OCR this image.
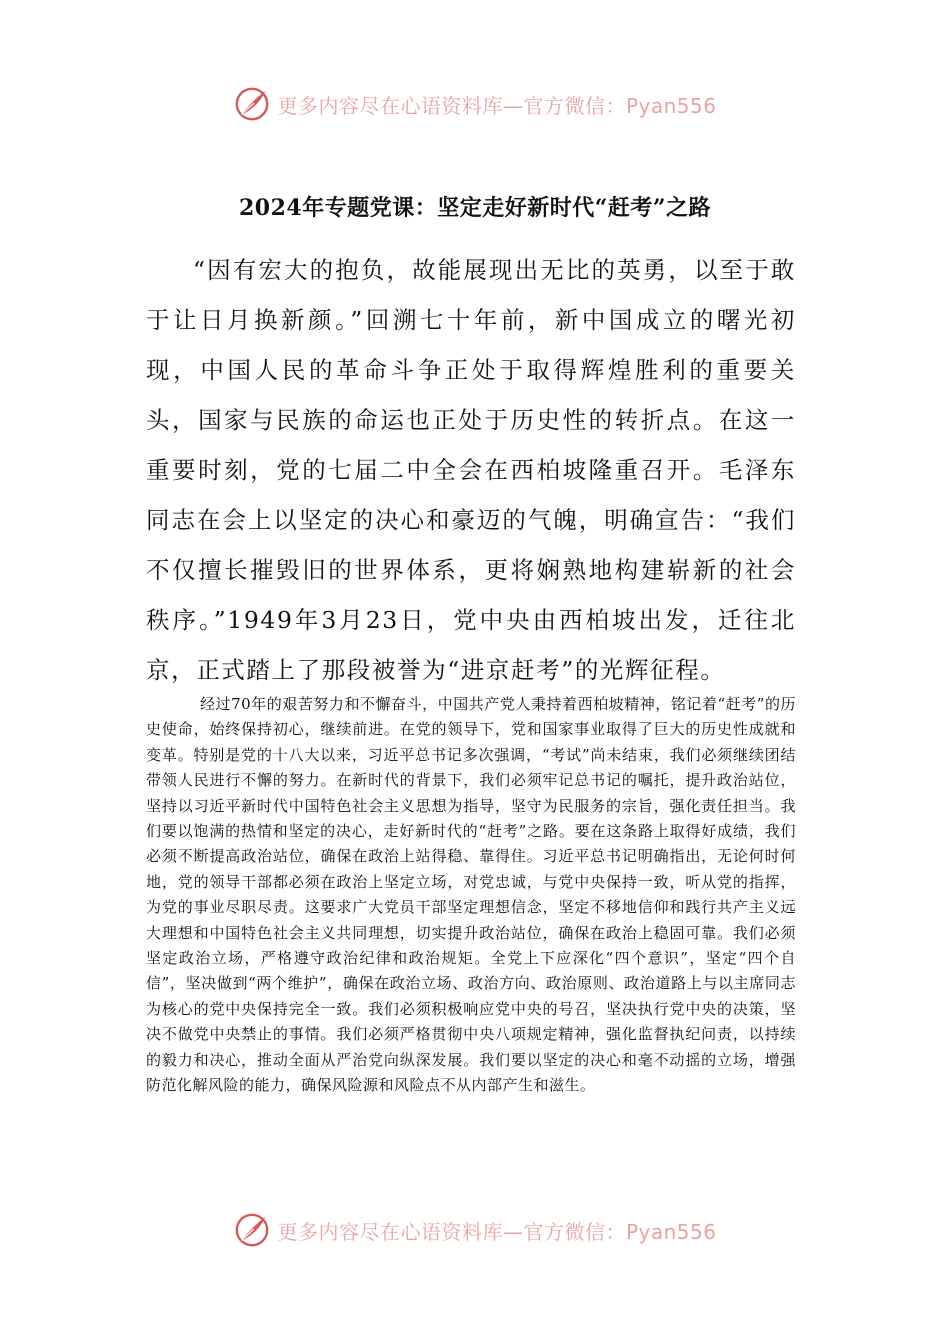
更多内容尽在心语资料库—官方微信：Pyan556
2024年专题党课：坚定走好新时代“赶考”之路

“因有宏大的抱负，故能展现出无比的英勇，以至于敢于让日月换新颜。”回溯七十年前，新中国成立的曙光初现，中国人民的革命斗争正处于取得辉煌胜利的重要关头，国家与民族的命运也正处于历史性的转折点。在这一重要时刻，党的七届二中全会在西柏坡隆重召开。毛泽东同志在会上以坚定的决心和豪迈的气魄，明确宣告：“我们不仅擅长摧毁旧的世界体系，更将娴熟地构建崭新的社会秩序。”1949年3月23日，党中央由西柏坡出发，迁往北京，正式踏上了那段被誉为“进京赶考”的光辉征程。

经过70年的艰苦努力和不懈奋斗，中国共产党人秉持着西柏坡精神，铭记着“赶考”的历史使命，始终保持初心，继续前进。在党的领导下，党和国家事业取得了巨大的历史性成就和变革。特别是党的十八大以来，习近平总书记多次强调，“考试”尚未结束，我们必须继续团结带领人民进行不懈的努力。在新时代的背景下，我们必须牢记总书记的嘱托，提升政治站位，坚持以习近平新时代中国特色社会主义思想为指导，坚守为民服务的宗旨，强化责任担当。我们要以饱满的热情和坚定的决心，走好新时代的“赶考”之路。要在这条路上取得好成绩，我们必须不断提高政治站位，确保在政治上站得稳、靠得住。习近平总书记明确指出，无论何时何地，党的领导干部都必须在政治上坚定立场，对党忠诚，与党中央保持一致，听从党的指挥，为党的事业尽职尽责。这要求广大党员干部坚定理想信念，坚定不移地信仰和践行共产主义远大理想和中国特色社会主义共同理想，切实提升政治站位，确保在政治上稳固可靠。我们必须坚定政治立场，严格遵守政治纪律和政治规矩。全党上下应深化“四个意识”，坚定“四个自信”，坚决做到“两个维护”，确保在政治立场、政治方向、政治原则、政治道路上与以主席同志为核心的党中央保持完全一致。我们必须积极响应党中央的号召，坚决执行党中央的决策，坚决不做党中央禁止的事情。我们必须严格贯彻中央八项规定精神，强化监督执纪问责，以持续的毅力和决心，推动全面从严治党向纵深发展。我们要以坚定的决心和毫不动摇的立场，增强防范化解风险的能力，确保风险源和风险点不从内部产生和滋生。

更多内容尽在心语资料库—官方微信：Pyan556
